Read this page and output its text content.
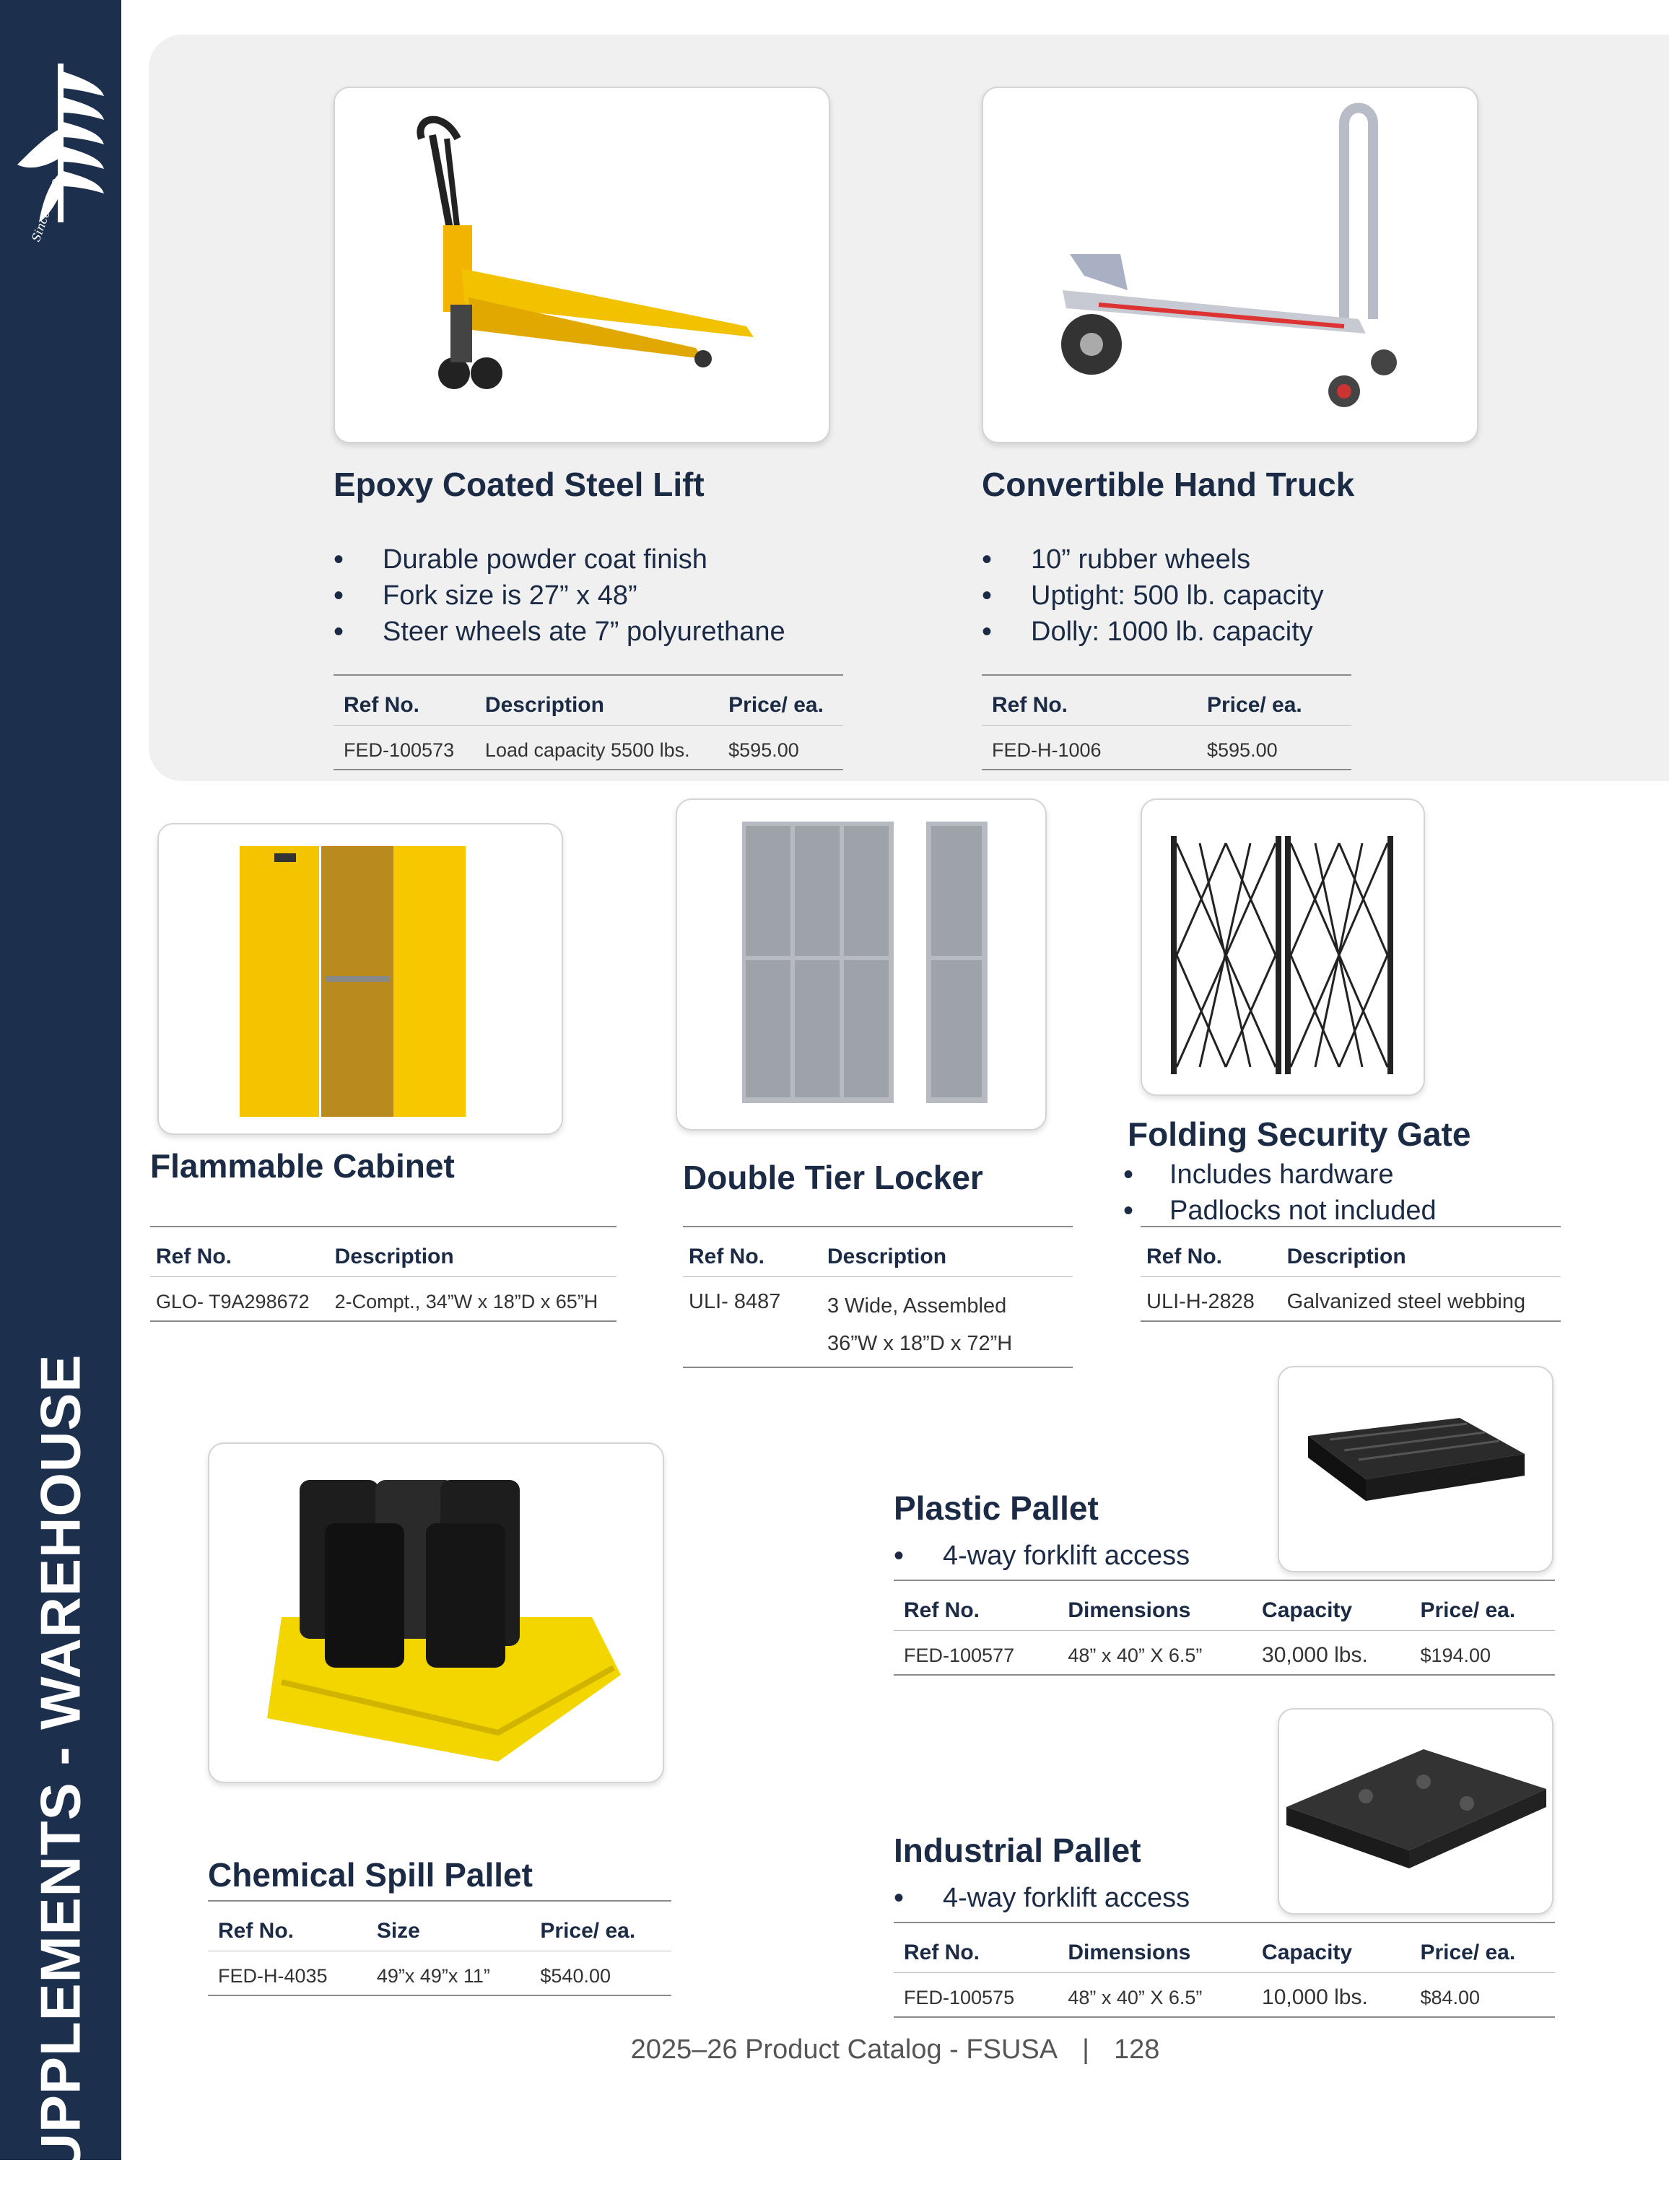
Since 1978
SUPPLEMENTS - WAREHOUSE
Epoxy Coated Steel Lift
• Durable powder coat finish
• Fork size is 27” x 48”
• Steer wheels ate 7” polyurethane
Ref No.	Description	Price/ ea.
FED-100573	Load capacity 5500 lbs.	$595.00
Convertible Hand Truck
• 10” rubber wheels
• Uptight: 500 lb. capacity
• Dolly: 1000 lb. capacity
Ref No.	Price/ ea.
FED-H-1006	$595.00
Flammable Cabinet
Ref No.	Description
GLO- T9A298672	2-Compt., 34”W x 18”D x 65”H
Double Tier Locker
Ref No.	Description
ULI- 8487	3 Wide, Assembled
36”W x 18”D x 72”H
Folding Security Gate
• Includes hardware
• Padlocks not included
Ref No.	Description
ULI-H-2828	Galvanized steel webbing
Chemical Spill Pallet
Ref No.	Size	Price/ ea.
FED-H-4035	49”x 49”x 11”	$540.00
Plastic Pallet
• 4-way forklift access
Ref No.	Dimensions	Capacity	Price/ ea.
FED-100577	48” x 40” X 6.5”	30,000 lbs.	$194.00
Industrial Pallet
• 4-way forklift access
Ref No.	Dimensions	Capacity	Price/ ea.
FED-100575	48” x 40” X 6.5”	10,000 lbs.	$84.00
2025–26 Product Catalog - FSUSA | 128
